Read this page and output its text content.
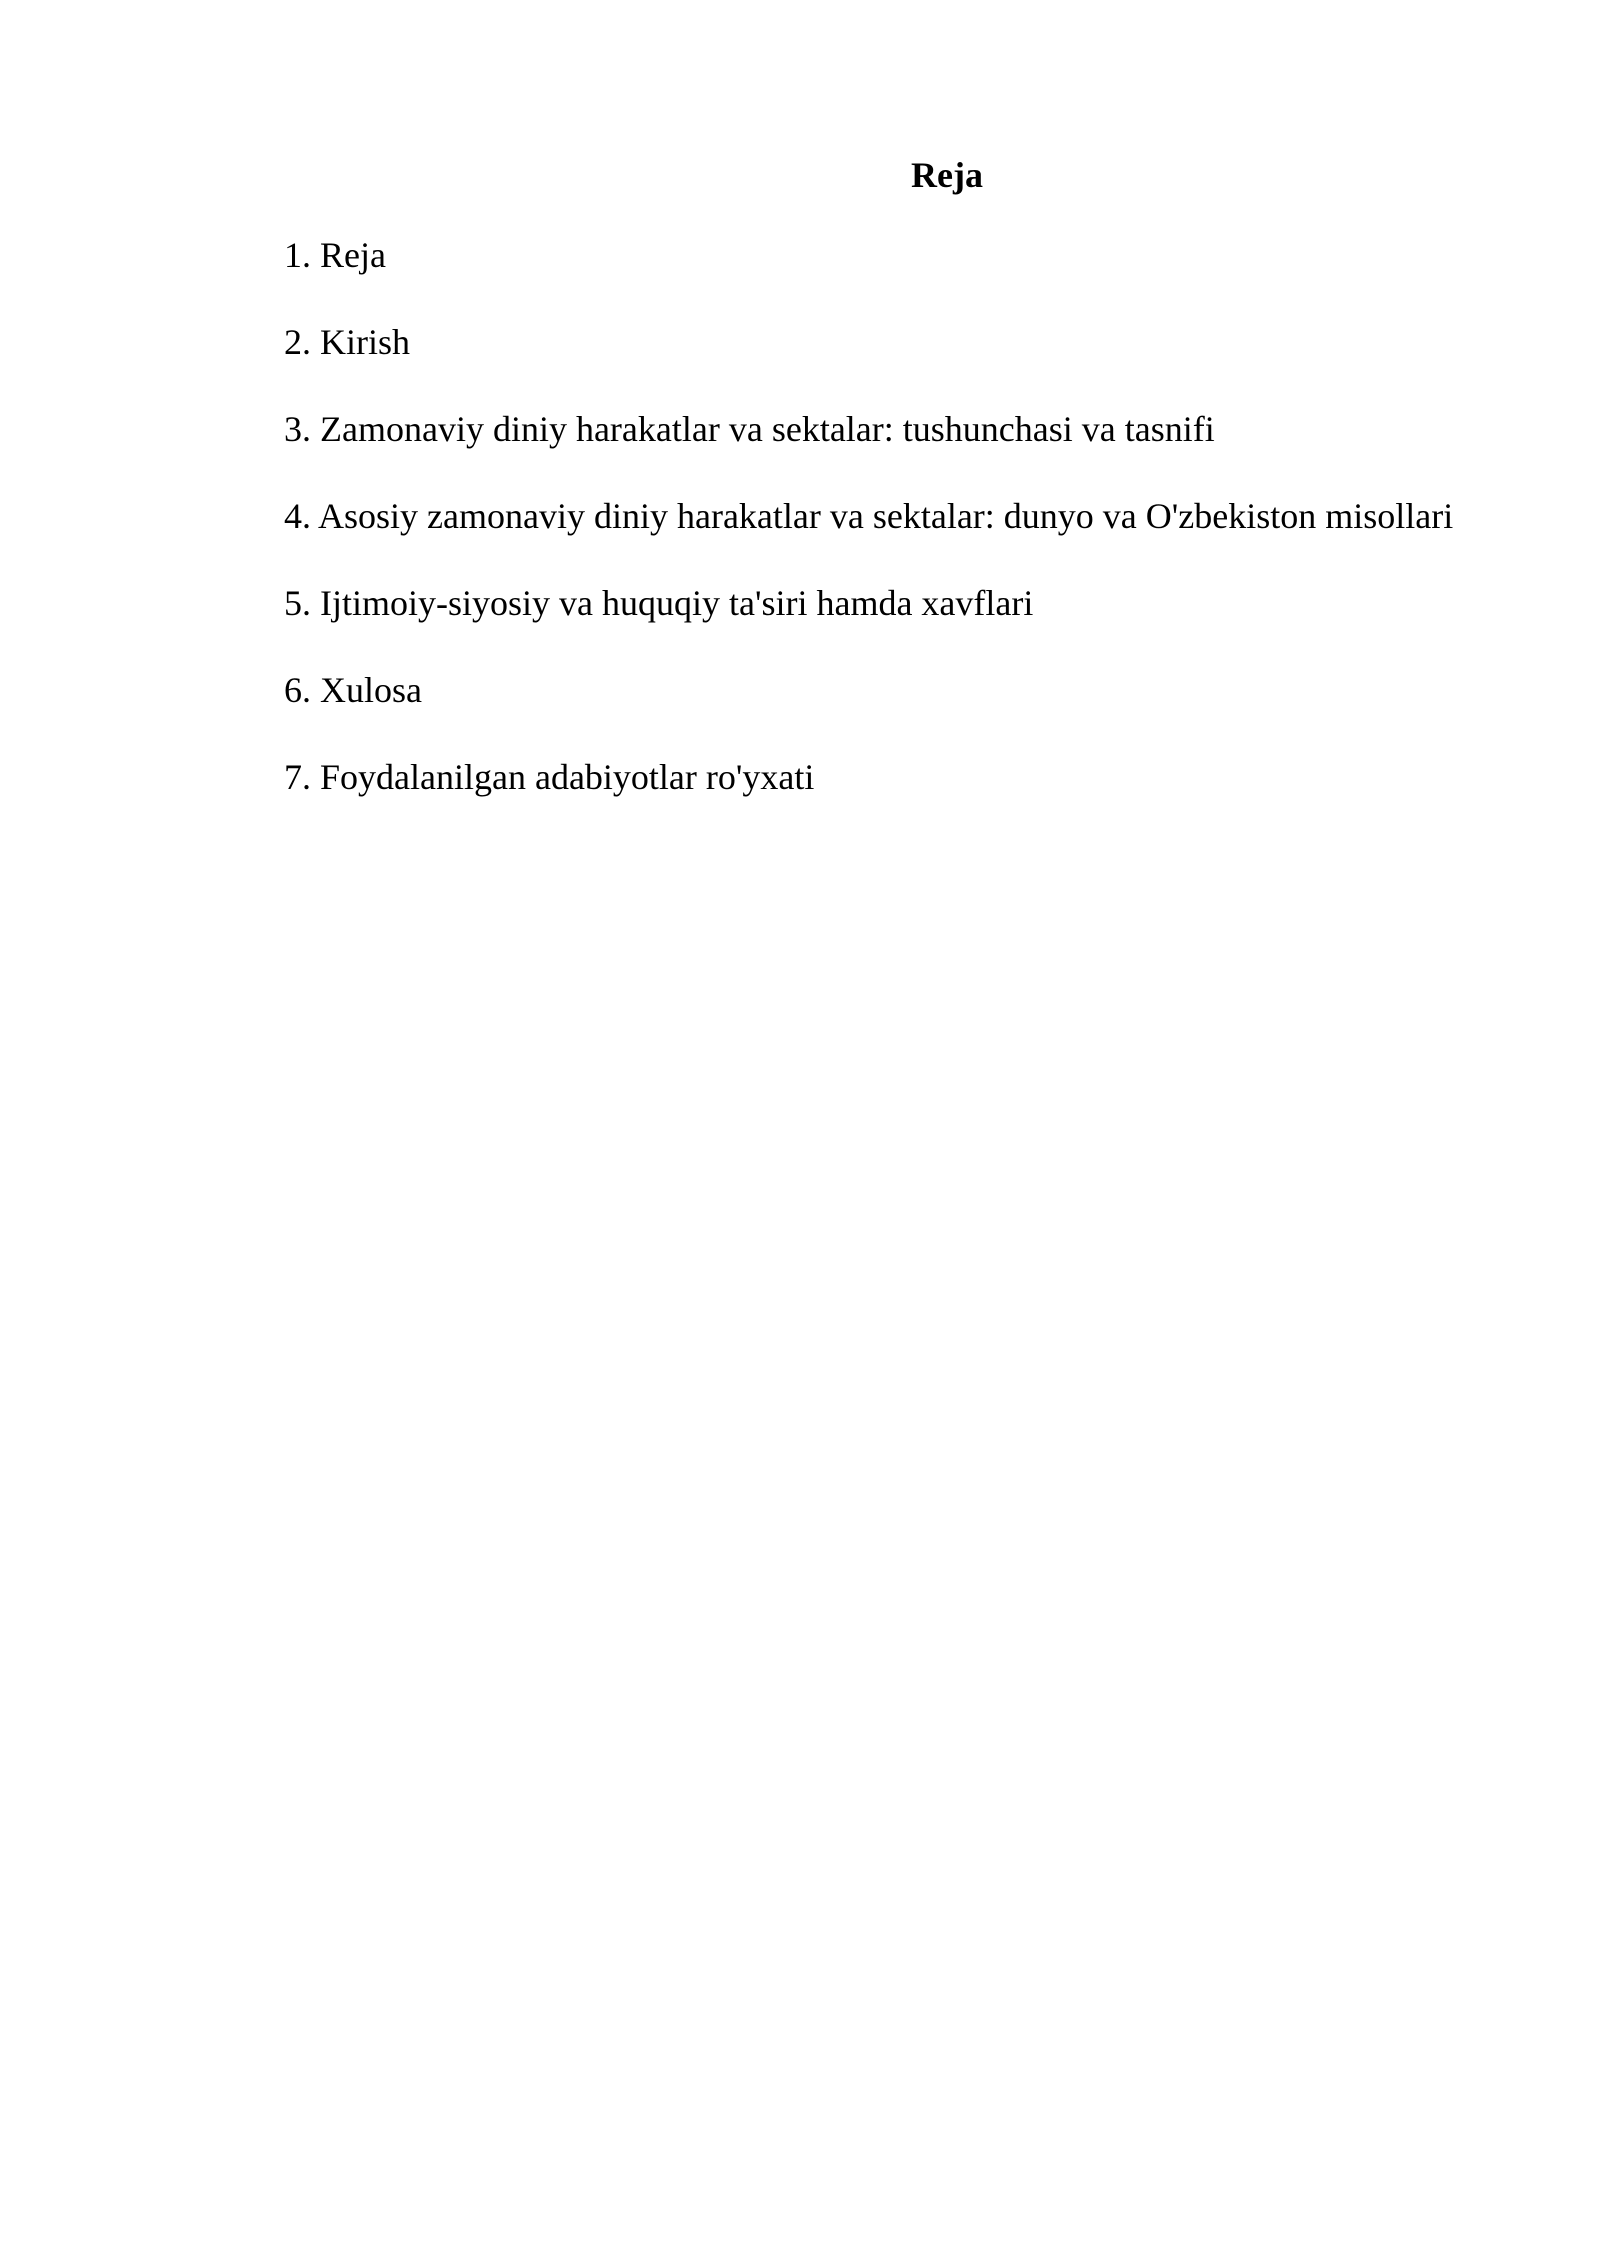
Reja
1. Reja
2. Kirish
3. Zamonaviy diniy harakatlar va sektalar: tushunchasi va tasnifi
4. Asosiy zamonaviy diniy harakatlar va sektalar: dunyo va O'zbekiston misollari
5. Ijtimoiy-siyosiy va huquqiy ta'siri hamda xavflari
6. Xulosa
7. Foydalanilgan adabiyotlar ro'yxati
